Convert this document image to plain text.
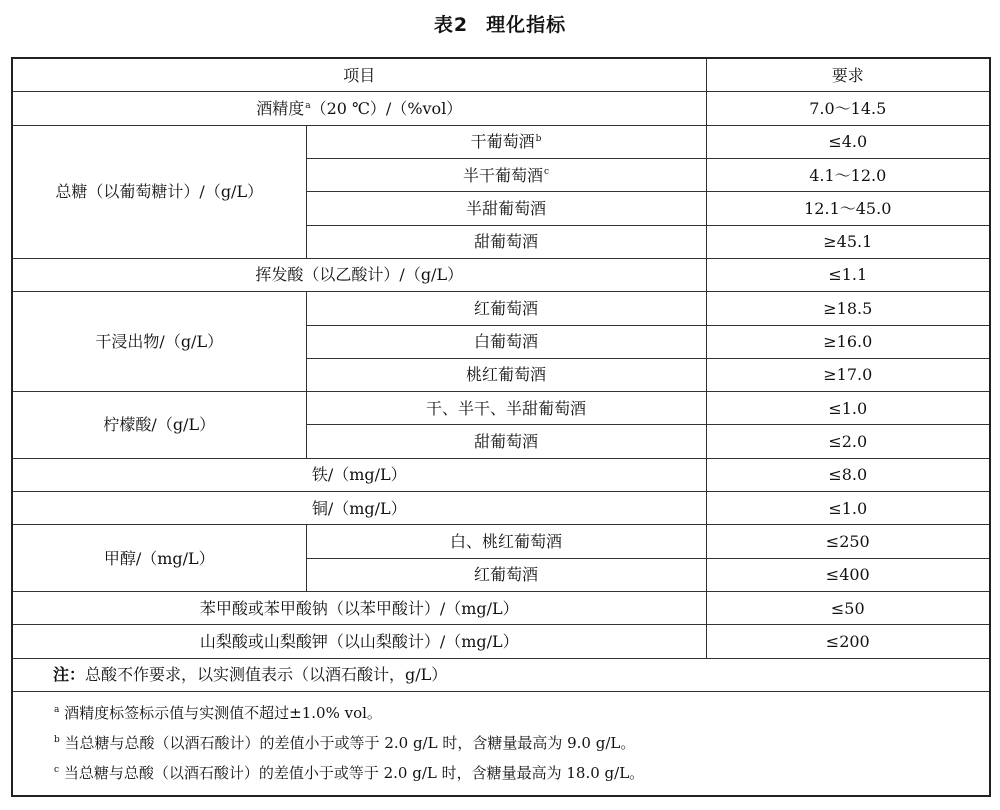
表2 理化指标
项目		要求
酒精度$^a$（20 ℃）/（%vol）		7.0～14.5
总糖（以葡萄糖计）/（g/L）	干葡萄酒$^b$	≤4.0
	半干葡萄酒$^c$	4.1～12.0
	半甜葡萄酒	12.1～45.0
	甜葡萄酒	≥45.1
挥发酸（以乙酸计）/（g/L）		≤1.1
干浸出物/（g/L）	红葡萄酒	≥18.5
	白葡萄酒	≥16.0
	桃红葡萄酒	≥17.0
柠檬酸/（g/L）	干、半干、半甜葡萄酒	≤1.0
	甜葡萄酒	≤2.0
铁/（mg/L）		≤8.0
铜/（mg/L）		≤1.0
甲醇/（mg/L）	白、桃红葡萄酒	≤250
	红葡萄酒	≤400
苯甲酸或苯甲酸钠（以苯甲酸计）/（mg/L）		≤50
山梨酸或山梨酸钾（以山梨酸计）/（mg/L）		≤200
注：总酸不作要求，以实测值表示（以酒石酸计，g/L）		

$^a$ 酒精度标签标示值与实测值不超过±1.0% vol。
$^b$ 当总糖与总酸（以酒石酸计）的差值小于或等于 2.0 g/L 时，含糖量最高为 9.0 g/L。
$^c$ 当总糖与总酸（以酒石酸计）的差值小于或等于 2.0 g/L 时，含糖量最高为 18.0 g/L。		
